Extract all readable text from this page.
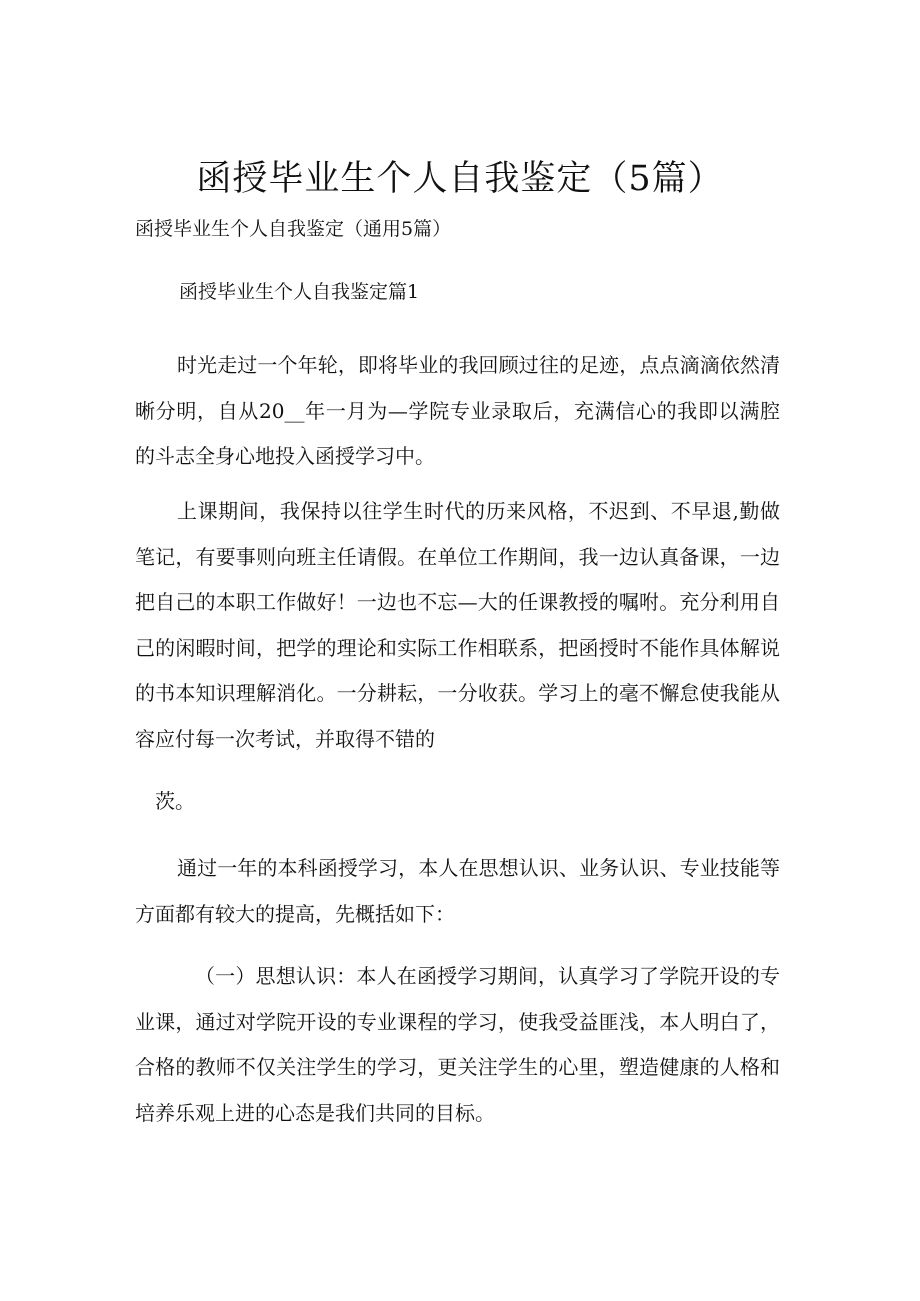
函授毕业生个人自我鉴定（5篇）
函授毕业生个人自我鉴定（通用5篇）
函授毕业生个人自我鉴定篇1
时光走过一个年轮，即将毕业的我回顾过往的足迹，点点滴滴依然清晰分明，自从20__年一月为—学院专业录取后，充满信心的我即以满腔的斗志全身心地投入函授学习中。
上课期间，我保持以往学生时代的历来风格，不迟到、不早退,勤做笔记，有要事则向班主任请假。在单位工作期间，我一边认真备课，一边把自己的本职工作做好！一边也不忘—大的任课教授的嘱咐。充分利用自己的闲暇时间，把学的理论和实际工作相联系，把函授时不能作具体解说的书本知识理解消化。一分耕耘，一分收获。学习上的毫不懈怠使我能从容应付每一次考试，并取得不错的
茨。
通过一年的本科函授学习，本人在思想认识、业务认识、专业技能等方面都有较大的提高，先概括如下：
（一）思想认识：本人在函授学习期间，认真学习了学院开设的专业课，通过对学院开设的专业课程的学习，使我受益匪浅，本人明白了，合格的教师不仅关注学生的学习，更关注学生的心里，塑造健康的人格和培养乐观上进的心态是我们共同的目标。
